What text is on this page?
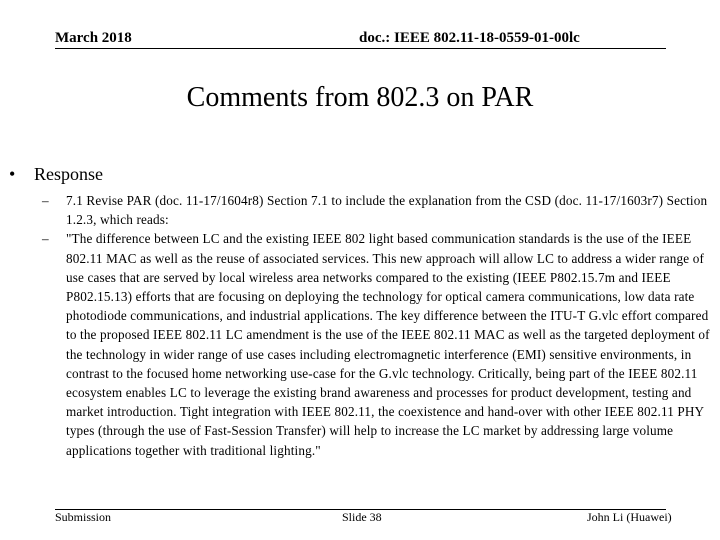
March 2018	doc.: IEEE 802.11-18-0559-01-00lc
Comments from 802.3 on PAR
• Response
– 7.1 Revise PAR (doc. 11-17/1604r8) Section 7.1 to include the explanation from the CSD (doc. 11-17/1603r7) Section 1.2.3, which reads:
– "The difference between LC and the existing IEEE 802 light based communication standards is the use of the IEEE 802.11 MAC as well as the reuse of associated services. This new approach will allow LC to address a wider range of use cases that are served by local wireless area networks compared to the existing (IEEE P802.15.7m and IEEE P802.15.13) efforts that are focusing on deploying the technology for optical camera communications, low data rate photodiode communications, and industrial applications. The key difference between the ITU-T G.vlc effort compared to the proposed IEEE 802.11 LC amendment is the use of the IEEE 802.11 MAC as well as the targeted deployment of the technology in wider range of use cases including electromagnetic interference (EMI) sensitive environments, in contrast to the focused home networking use-case for the G.vlc technology. Critically, being part of the IEEE 802.11 ecosystem enables LC to leverage the existing brand awareness and processes for product development, testing and market introduction. Tight integration with IEEE 802.11, the coexistence and hand-over with other IEEE 802.11 PHY types (through the use of Fast-Session Transfer) will help to increase the LC market by addressing large volume applications together with traditional lighting."
Submission	Slide 38	John Li (Huawei)
